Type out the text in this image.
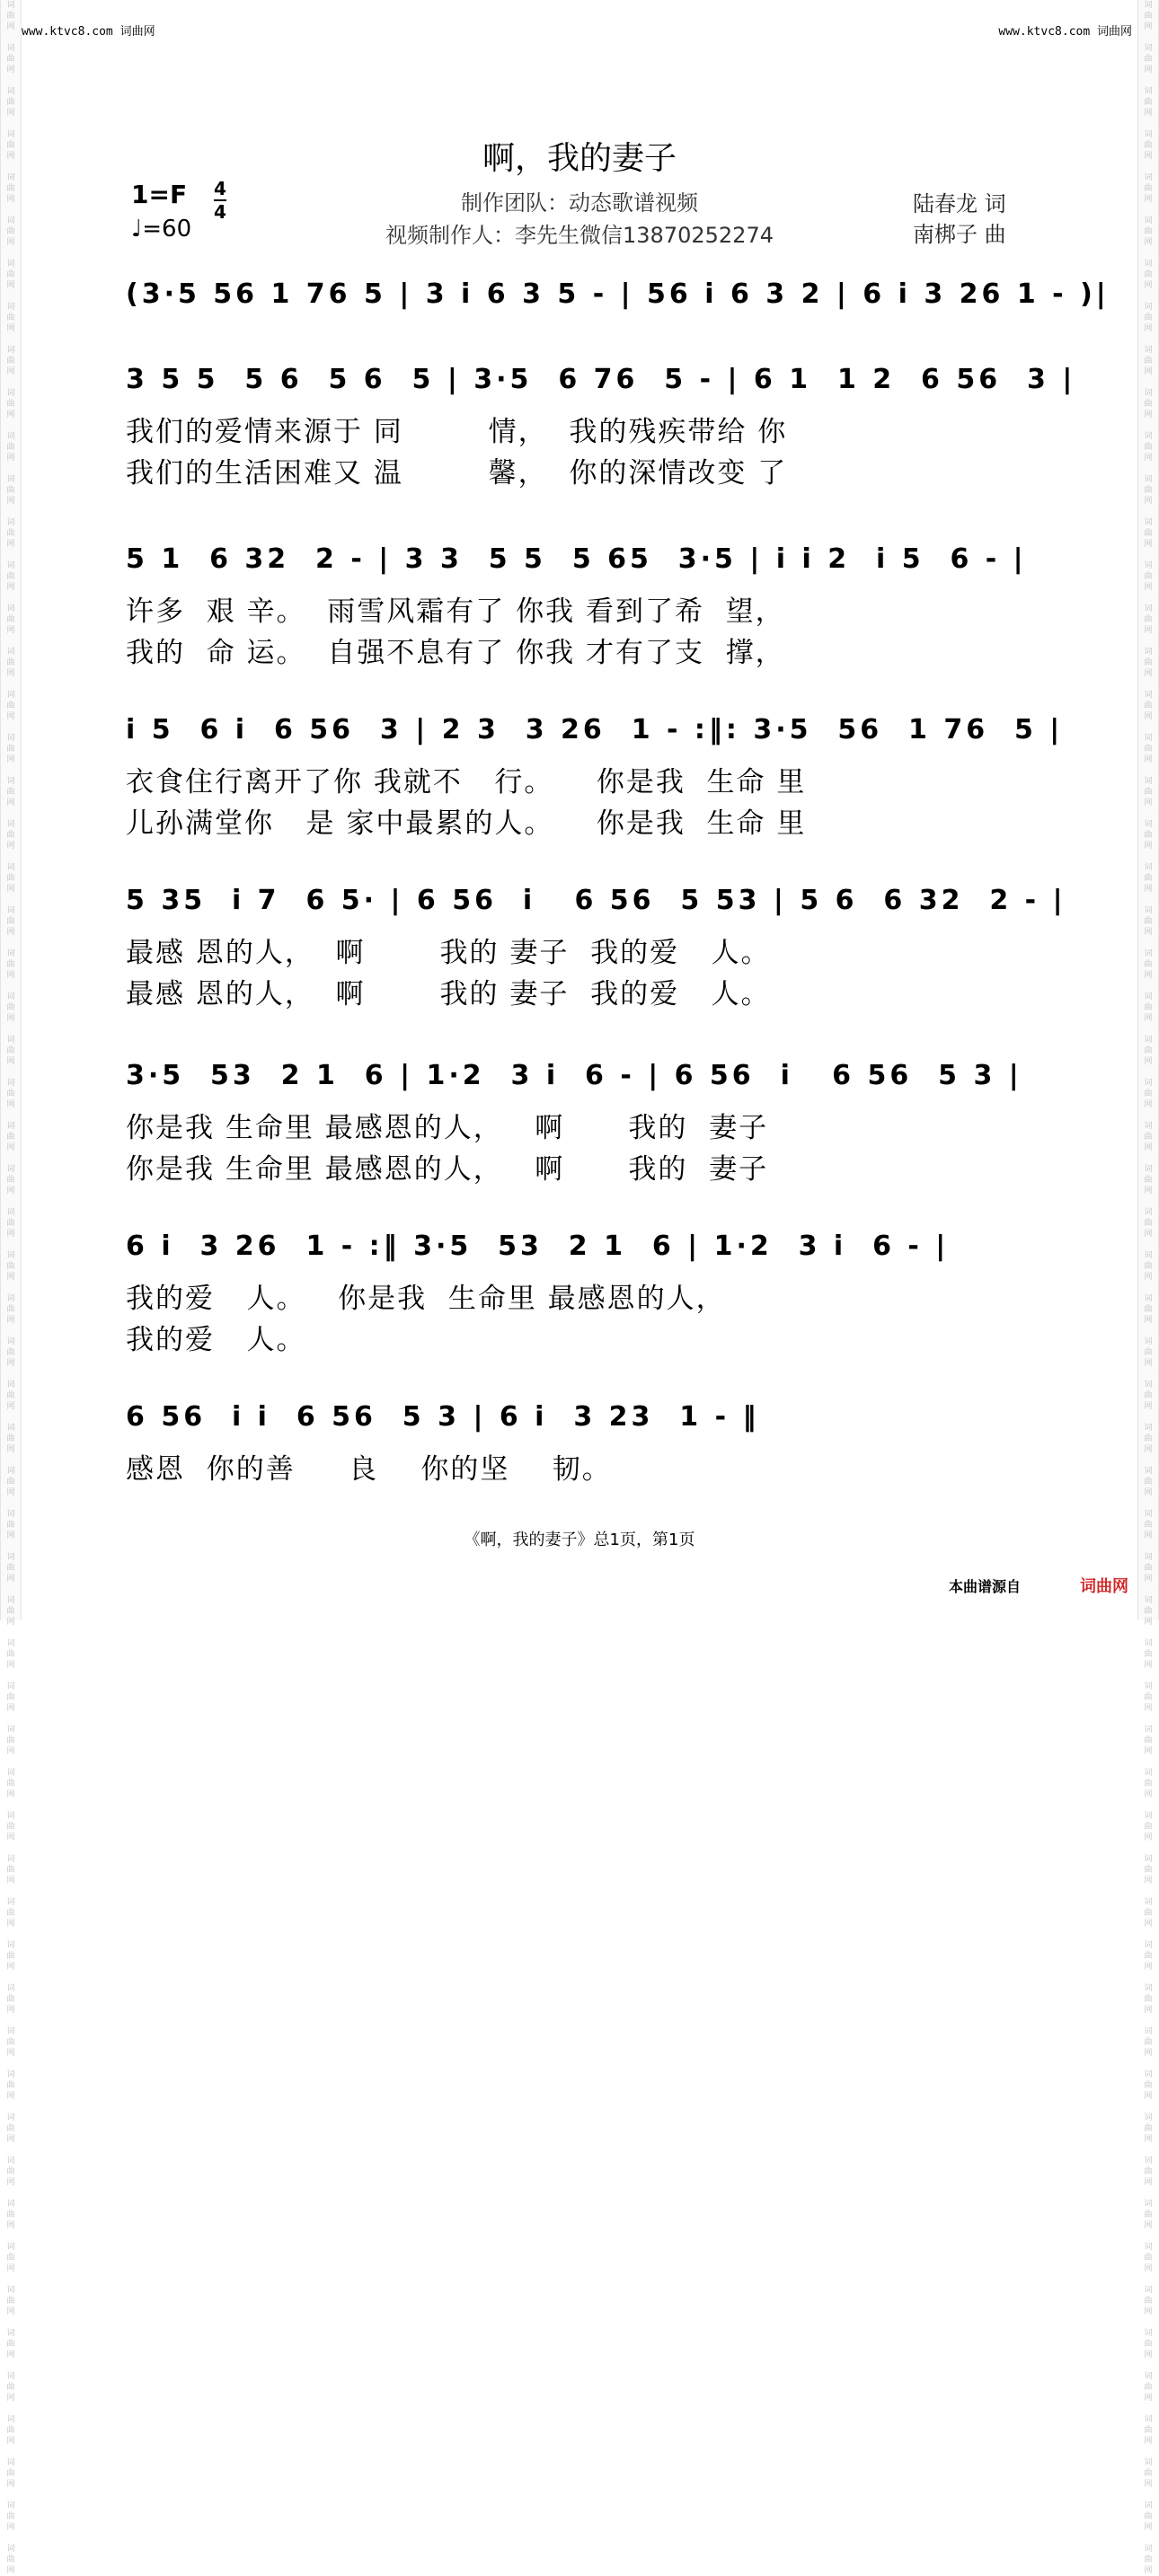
词
曲
网

词
曲
网

词
曲
网

词
曲
网

词
曲
网

词
曲
网

词
曲
网

词
曲
网

词
曲
网

词
曲
网

词
曲
网

词
曲
网

词
曲
网

词
曲
网

词
曲
网

词
曲
网

词
曲
网

词
曲
网

词
曲
网

词
曲
网

词
曲
网

词
曲
网

词
曲
网

词
曲
网

词
曲
网

词
曲
网

词
曲
网

词
曲
网

词
曲
网

词
曲
网

词
曲
网

词
曲
网

词
曲
网

词
曲
网

词
曲
网

词
曲
网

词
曲
网

词
曲
网

词
曲
网

词
曲
网

词
曲
网

词
曲
网

词
曲
网

词
曲
网

词
曲
网

词
曲
网

词
曲
网

词
曲
网

词
曲
网

词
曲
网

词
曲
网

词
曲
网

词
曲
网

词
曲
网

词
曲
网

词
曲
网

词
曲
网

词
曲
网

词
曲
网

词
曲
网

词
曲
网

词
曲
网

词
曲
网

词
曲
网

词
曲
网

词
曲
网

词
曲
网

词
曲
网

词
曲
网

词
曲
网

词
曲
网

词
曲
网

词
曲
网

词
曲
网

词
曲
网

词
曲
网

词
曲
网

词
曲
网

词
曲
网

词
曲
网

词
曲
网

词
曲
网

词
曲
网

词
曲
网

词
曲
网

词
曲
网

词
曲
网

词
曲
网

词
曲
网

词
曲
网

词
曲
网

词
曲
网

词
曲
网

词
曲
网

词
曲
网

词
曲
网

词
曲
网

词
曲
网

词
曲
网

词
曲
网

词
曲
网

词
曲
网

词
曲
网

词
曲
网

词
曲
网

词
曲
网

词
曲
网

词
曲
网

词
曲
网

词
曲
网

词
曲
网

词
曲
网

词
曲
网

词
曲
网

词
曲
网

词
曲
网

词
曲
网

词
曲
网

词
曲
网

词
曲
网

www.ktvc8.com 词曲网	www.ktvc8.com 词曲网
啊，我的妻子
1=F 4
4
♩=60
制作团队：动态歌谱视频
视频制作人：李先生微信13870252274
陆春龙 词
南梆子 曲
(3·5 56 1 76 5 | 3 i 6 3 5 - | 56 i 6 3 2 | 6 i 3 26 1 - )|
3 5 5  5 6  5 6  5 | 3·5  6 76  5 - | 6 1  1 2  6 56  3 |
我们的爱情来源于 同        情，  我的残疾带给 你
我们的生活困难又 温        馨，  你的深情改变 了
5 1  6 32  2 - | 3 3  5 5  5 65  3·5 | i i 2  i 5  6 - |
许多  艰 辛。  雨雪风霜有了 你我 看到了希  望，
我的  命 运。  自强不息有了 你我 才有了支  撑，
i 5  6 i  6 56  3 | 2 3  3 26  1 - :‖: 3·5  56  1 76  5 |
衣食住行离开了你 我就不   行。    你是我  生命 里
儿孙满堂你   是 家中最累的人。    你是我  生命 里
5 35  i 7  6 5· | 6 56  i   6 56  5 53 | 5 6  6 32  2 - |
最感 恩的人，  啊       我的 妻子  我的爱   人。
最感 恩的人，  啊       我的 妻子  我的爱   人。
3·5  53  2 1  6 | 1·2  3 i  6 - | 6 56  i   6 56  5 3 |
你是我 生命里 最感恩的人，   啊      我的  妻子
你是我 生命里 最感恩的人，   啊      我的  妻子
6 i  3 26  1 - :‖ 3·5  53  2 1  6 | 1·2  3 i  6 - |
我的爱   人。   你是我  生命里 最感恩的人，
我的爱   人。
6 56  i i  6 56  5 3 | 6 i  3 23  1 - ‖
感恩  你的善     良    你的坚    韧。
《啊，我的妻子》总1页，第1页
本曲谱源自	词曲网
